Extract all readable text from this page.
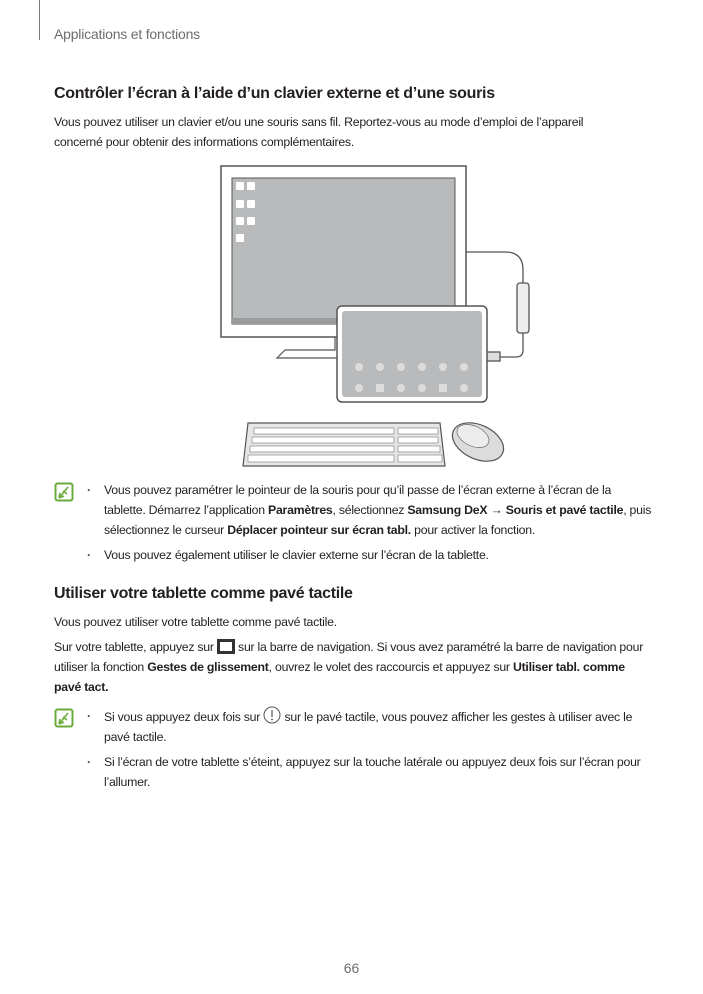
Applications et fonctions
Contrôler l’écran à l’aide d’un clavier externe et d’une souris

Vous pouvez utiliser un clavier et/ou une souris sans fil. Reportez-vous au mode d’emploi de l’appareil
concerné pour obtenir des informations complémentaires.

· Vous pouvez paramétrer le pointeur de la souris pour qu’il passe de l’écran externe à l’écran de la tablette. Démarrez l’application Paramètres, sélectionnez Samsung DeX → Souris et pavé tactile, puis sélectionnez le curseur Déplacer pointeur sur écran tabl. pour activer la fonction.
· Vous pouvez également utiliser le clavier externe sur l’écran de la tablette.
Utiliser votre tablette comme pavé tactile

Vous pouvez utiliser votre tablette comme pavé tactile.

Sur votre tablette, appuyez sur  sur la barre de navigation. Si vous avez paramétré la barre de navigation pour utiliser la fonction Gestes de glissement, ouvrez le volet des raccourcis et appuyez sur Utiliser tabl. comme pavé tact.

· Si vous appuyez deux fois sur  sur le pavé tactile, vous pouvez afficher les gestes à utiliser avec le pavé tactile.
· Si l’écran de votre tablette s’éteint, appuyez sur la touche latérale ou appuyez deux fois sur l’écran pour l’allumer.
66
